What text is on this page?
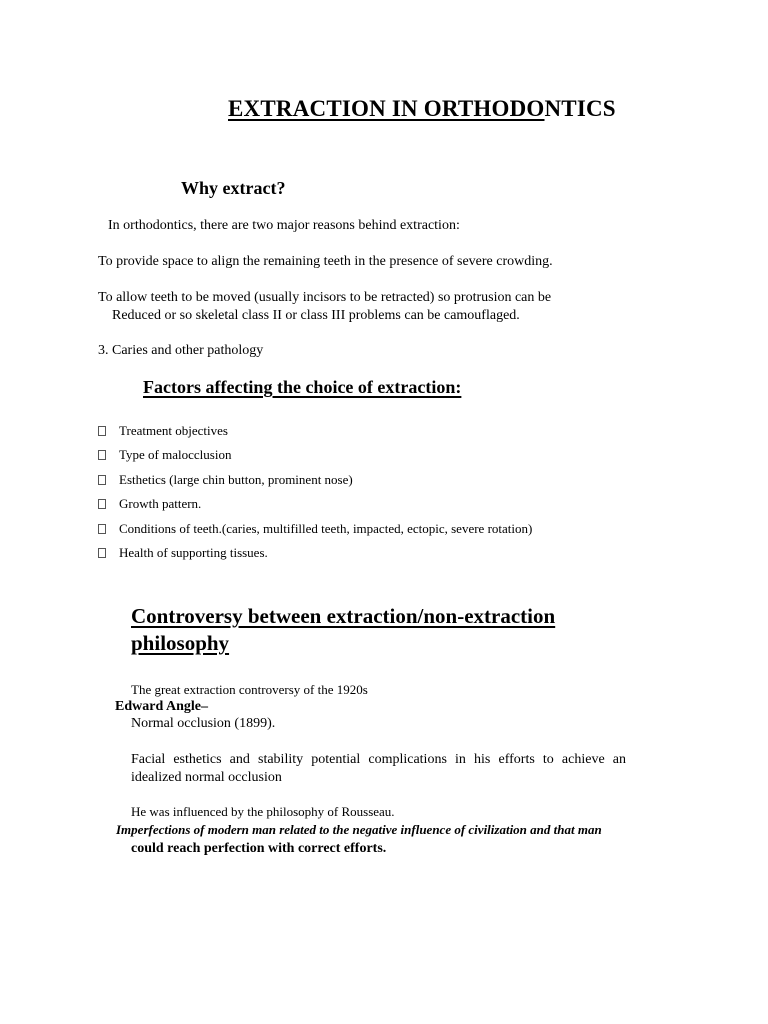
EXTRACTION IN ORTHODONTICS
Why extract?
In orthodontics, there are two major reasons behind extraction:
To provide space to align the remaining teeth in the presence of severe crowding.
To allow teeth to be moved (usually incisors to be retracted) so protrusion can be
Reduced or so skeletal class II or class III problems can be camouflaged.
3. Caries and other pathology
Factors affecting the choice of extraction:
Treatment objectives
Type of malocclusion
Esthetics (large chin button, prominent nose)
Growth pattern.
Conditions of teeth.(caries, multifilled teeth, impacted, ectopic, severe rotation)
Health of supporting tissues.
Controversy between extraction/non-extraction philosophy
The great extraction controversy of the 1920s
Edward Angle–
Normal occlusion (1899).
Facial esthetics and stability potential complications in his efforts to achieve an idealized normal occlusion
He was influenced by the philosophy of Rousseau.
Imperfections of modern man related to the negative influence of civilization and that man
could reach perfection with correct efforts.
